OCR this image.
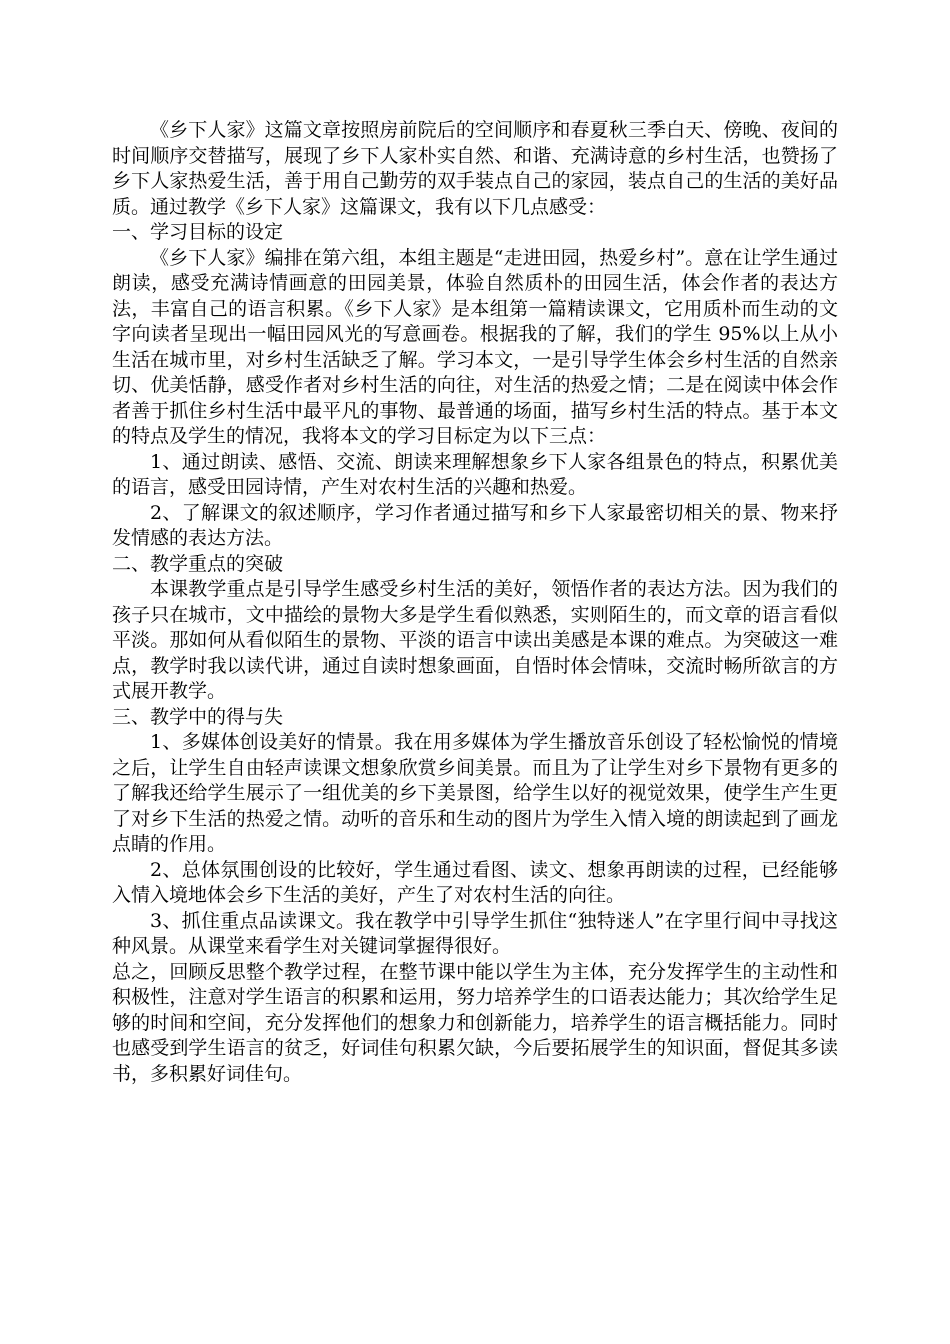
《乡下人家》这篇文章按照房前院后的空间顺序和春夏秋三季白天、傍晚、夜间的时间顺序交替描写，展现了乡下人家朴实自然、和谐、充满诗意的乡村生活，也赞扬了乡下人家热爱生活，善于用自己勤劳的双手装点自己的家园，装点自己的生活的美好品质。通过教学《乡下人家》这篇课文，我有以下几点感受：

一、学习目标的设定

《乡下人家》编排在第六组，本组主题是“走进田园，热爱乡村”。意在让学生通过朗读，感受充满诗情画意的田园美景，体验自然质朴的田园生活，体会作者的表达方法，丰富自己的语言积累。《乡下人家》是本组第一篇精读课文，它用质朴而生动的文字向读者呈现出一幅田园风光的写意画卷。根据我的了解，我们的学生 95%以上从小生活在城市里，对乡村生活缺乏了解。学习本文，一是引导学生体会乡村生活的自然亲切、优美恬静，感受作者对乡村生活的向往，对生活的热爱之情；二是在阅读中体会作者善于抓住乡村生活中最平凡的事物、最普通的场面，描写乡村生活的特点。基于本文的特点及学生的情况，我将本文的学习目标定为以下三点：

1、通过朗读、感悟、交流、朗读来理解想象乡下人家各组景色的特点，积累优美的语言，感受田园诗情，产生对农村生活的兴趣和热爱。

2、了解课文的叙述顺序，学习作者通过描写和乡下人家最密切相关的景、物来抒发情感的表达方法。

二、教学重点的突破

本课教学重点是引导学生感受乡村生活的美好，领悟作者的表达方法。因为我们的孩子只在城市，文中描绘的景物大多是学生看似熟悉，实则陌生的，而文章的语言看似平淡。那如何从看似陌生的景物、平淡的语言中读出美感是本课的难点。为突破这一难点，教学时我以读代讲，通过自读时想象画面，自悟时体会情味，交流时畅所欲言的方式展开教学。

三、教学中的得与失

1、多媒体创设美好的情景。我在用多媒体为学生播放音乐创设了轻松愉悦的情境之后，让学生自由轻声读课文想象欣赏乡间美景。而且为了让学生对乡下景物有更多的了解我还给学生展示了一组优美的乡下美景图，给学生以好的视觉效果，使学生产生更了对乡下生活的热爱之情。动听的音乐和生动的图片为学生入情入境的朗读起到了画龙点睛的作用。

2、总体氛围创设的比较好，学生通过看图、读文、想象再朗读的过程，已经能够入情入境地体会乡下生活的美好，产生了对农村生活的向往。

3、抓住重点品读课文。我在教学中引导学生抓住“独特迷人”在字里行间中寻找这种风景。从课堂来看学生对关键词掌握得很好。

总之，回顾反思整个教学过程，在整节课中能以学生为主体，充分发挥学生的主动性和积极性，注意对学生语言的积累和运用，努力培养学生的口语表达能力；其次给学生足够的时间和空间，充分发挥他们的想象力和创新能力，培养学生的语言概括能力。同时也感受到学生语言的贫乏，好词佳句积累欠缺，今后要拓展学生的知识面，督促其多读书，多积累好词佳句。
